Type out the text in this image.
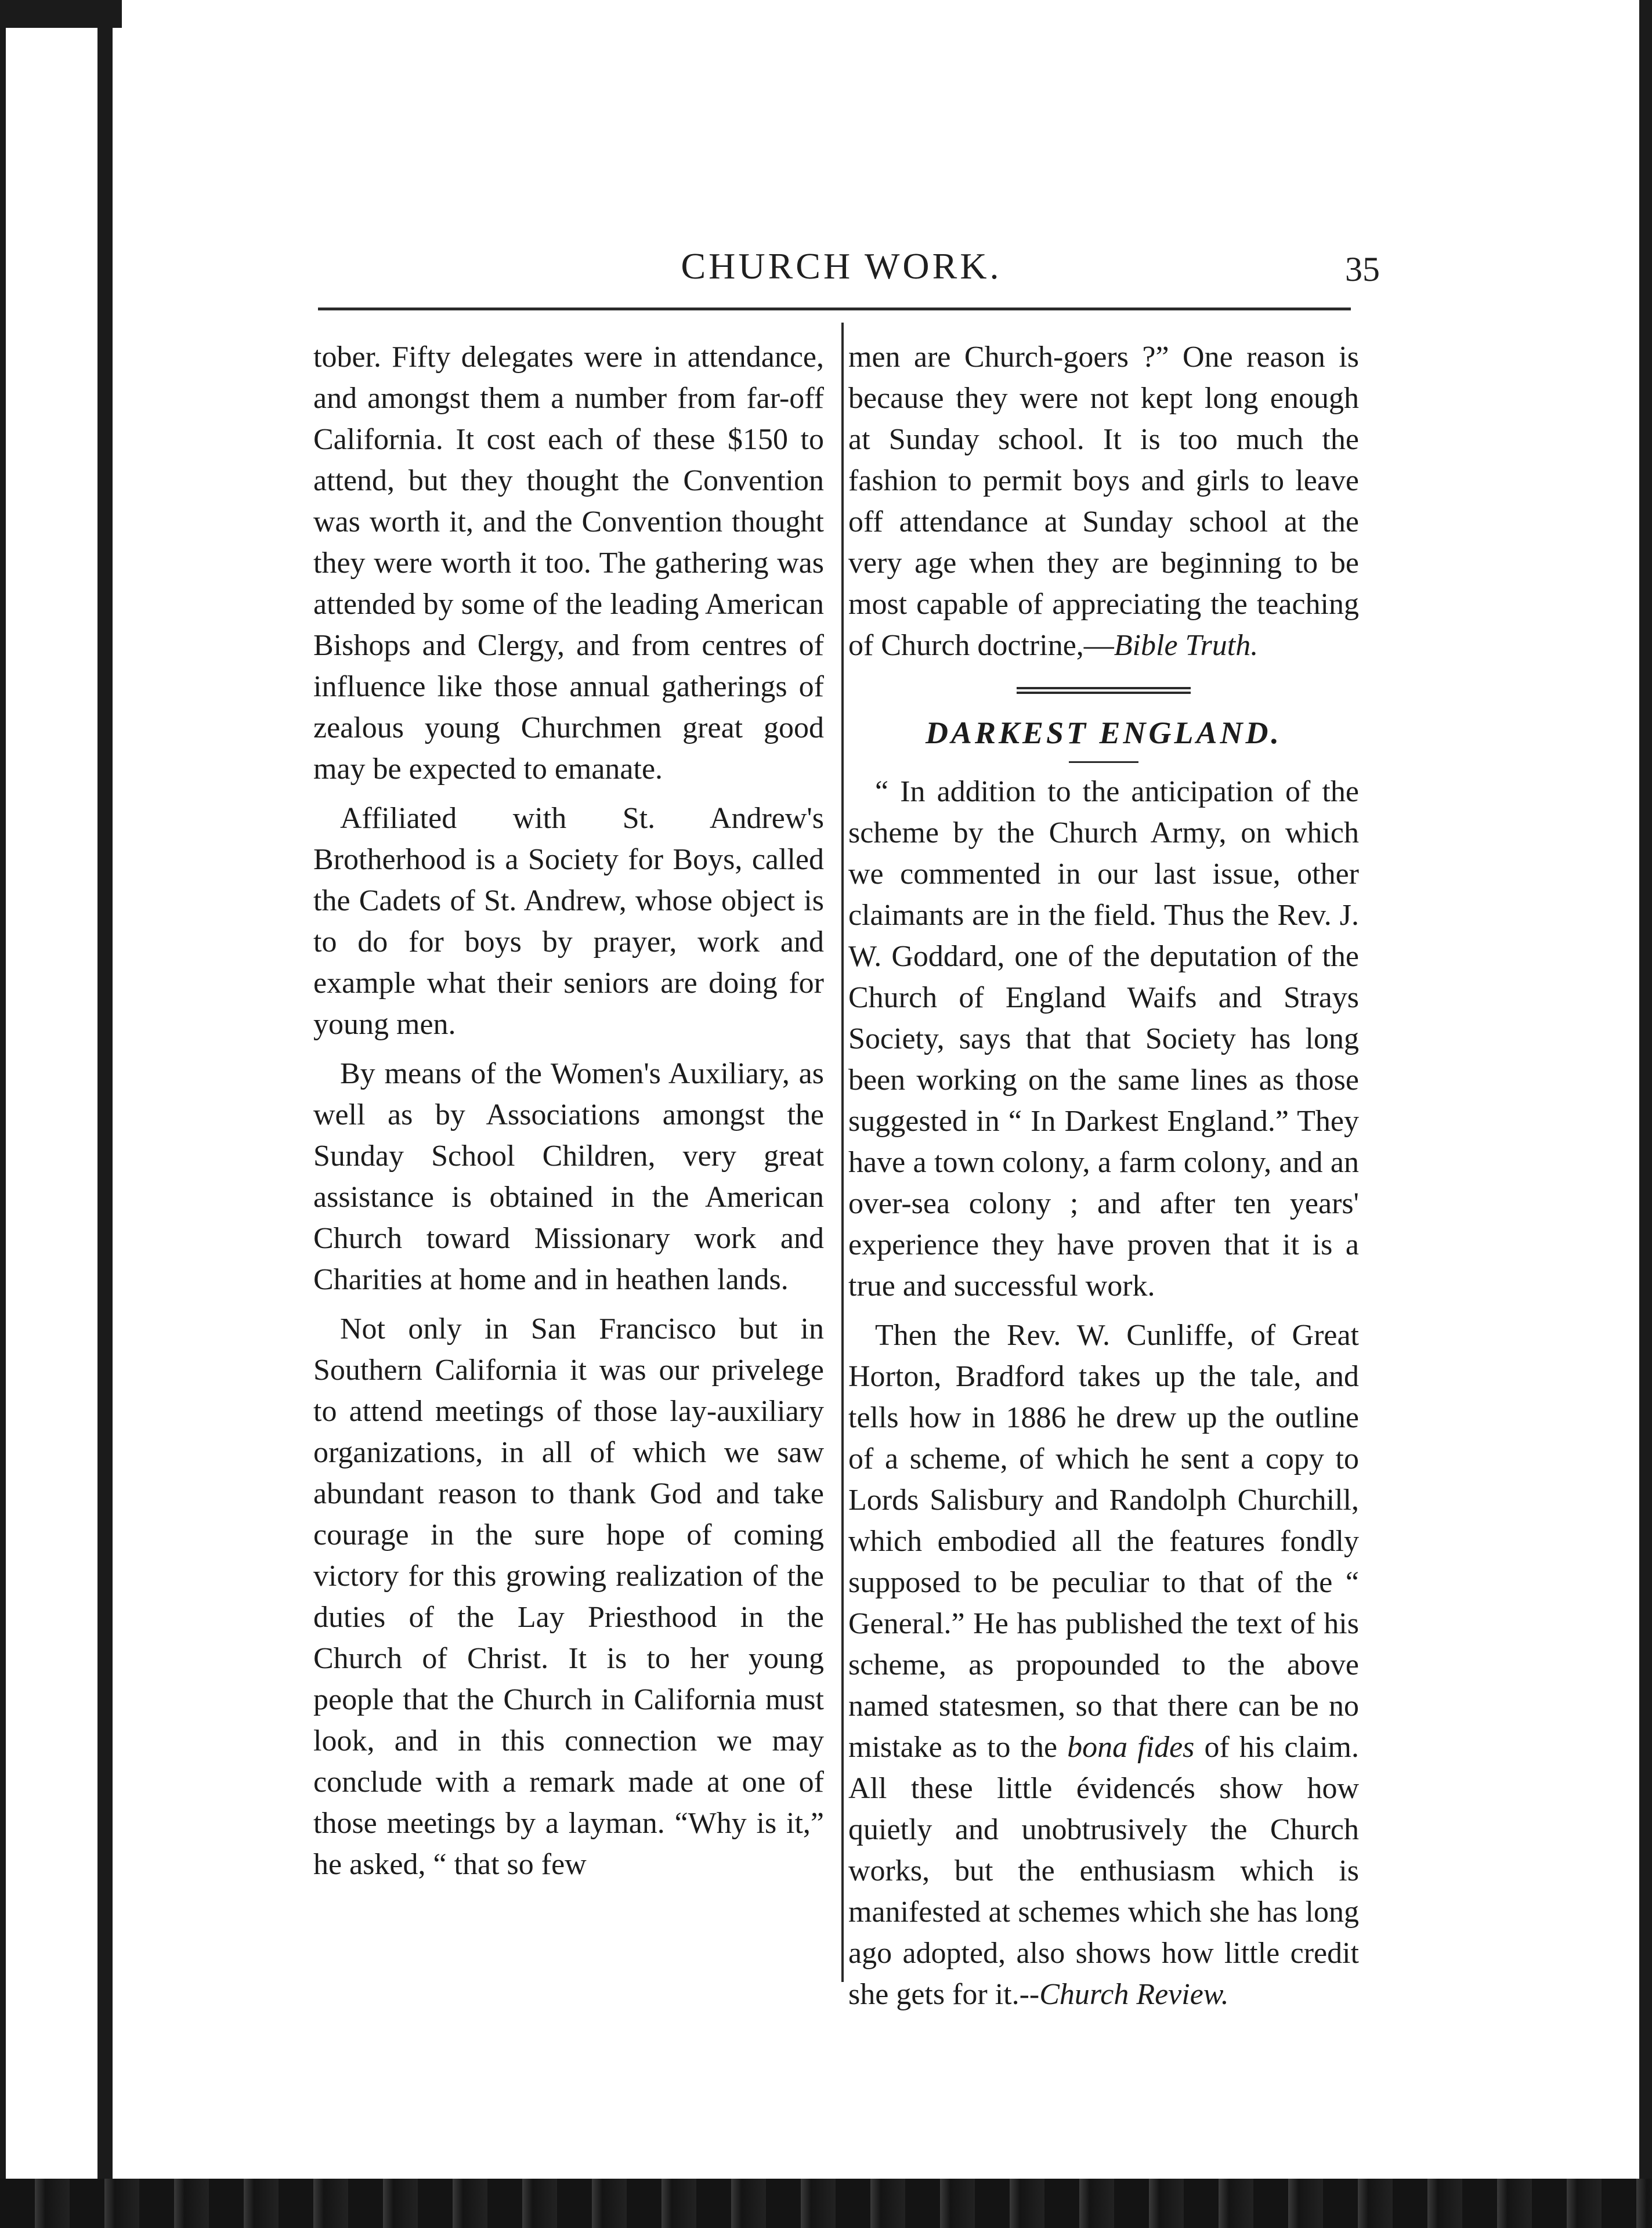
CHURCH WORK.	35

tober. Fifty delegates were in attendance, and amongst them a number from far-off California. It cost each of these $150 to attend, but they thought the Convention was worth it, and the Convention thought they were worth it too. The gathering was attended by some of the leading American Bishops and Clergy, and from centres of influence like those annual gatherings of zealous young Churchmen great good may be expected to emanate.

Affiliated with St. Andrew's Brotherhood is a Society for Boys, called the Cadets of St. Andrew, whose object is to do for boys by prayer, work and example what their seniors are doing for young men.

By means of the Women's Auxiliary, as well as by Associations amongst the Sunday School Children, very great assistance is obtained in the American Church toward Missionary work and Charities at home and in heathen lands.

Not only in San Francisco but in Southern California it was our privelege to attend meetings of those lay-auxiliary organizations, in all of which we saw abundant reason to thank God and take courage in the sure hope of coming victory for this growing realization of the duties of the Lay Priesthood in the Church of Christ. It is to her young people that the Church in California must look, and in this connection we may conclude with a remark made at one of those meetings by a layman. “Why is it,” he asked, “ that so few

men are Church-goers ?” One reason is because they were not kept long enough at Sunday school. It is too much the fashion to permit boys and girls to leave off attendance at Sunday school at the very age when they are beginning to be most capable of appreciating the teaching of Church doctrine,—Bible Truth.

DARKEST ENGLAND.

“ In addition to the anticipation of the scheme by the Church Army, on which we commented in our last issue, other claimants are in the field. Thus the Rev. J. W. Goddard, one of the deputation of the Church of England Waifs and Strays Society, says that that Society has long been working on the same lines as those suggested in “ In Darkest England.” They have a town colony, a farm colony, and an over-sea colony ; and after ten years' experience they have proven that it is a true and successful work.

Then the Rev. W. Cunliffe, of Great Horton, Bradford takes up the tale, and tells how in 1886 he drew up the outline of a scheme, of which he sent a copy to Lords Salisbury and Randolph Churchill, which embodied all the features fondly supposed to be peculiar to that of the “ General.” He has published the text of his scheme, as propounded to the above named statesmen, so that there can be no mistake as to the bona fides of his claim. All these little évidencés show how quietly and unobtrusively the Church works, but the enthusiasm which is manifested at schemes which she has long ago adopted, also shows how little credit she gets for it.--Church Review.
